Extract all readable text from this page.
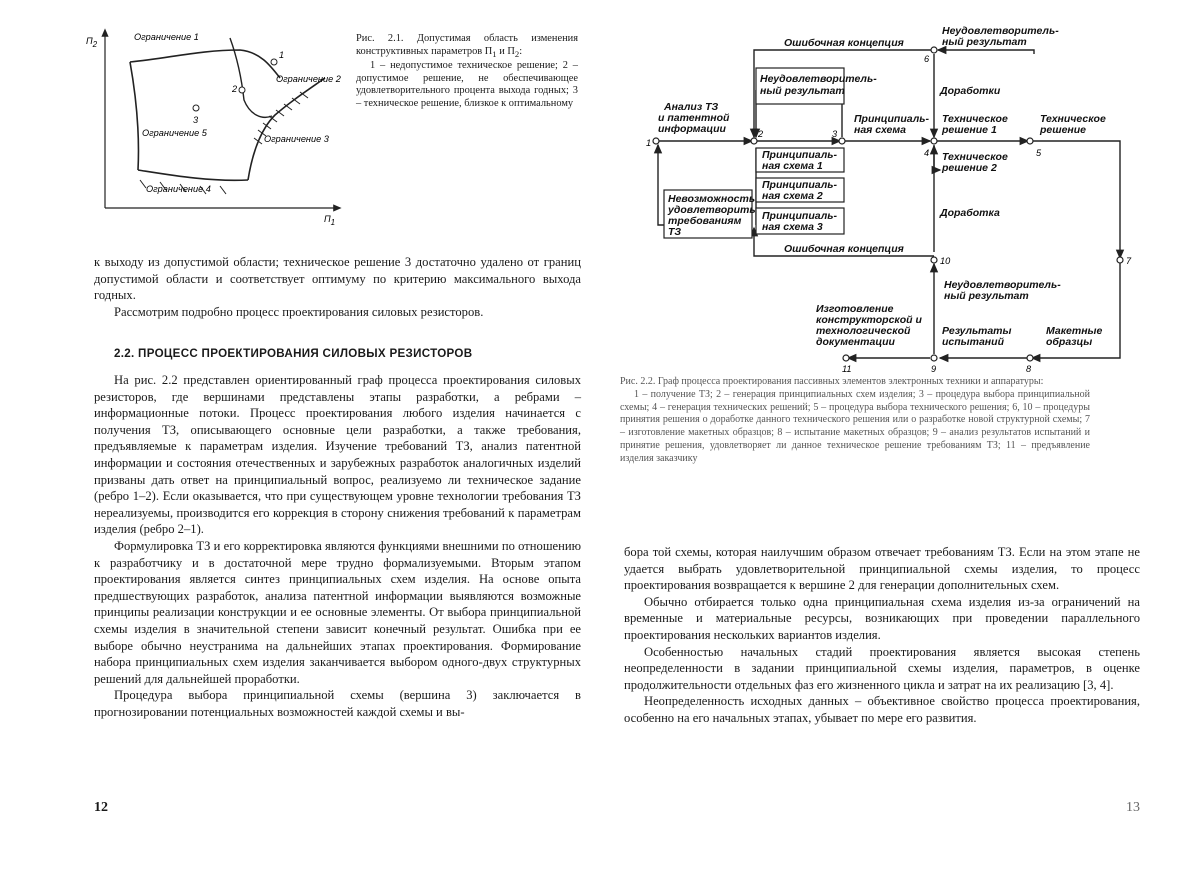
П2
П1
1
2
3
Ограничение 1
Ограничение 2
Ограничение 3
Ограничение 4
Ограничение 5

Рис. 2.1. Допустимая область изменения конструктивных параметров $П_1$ и $П_2$:

1 – недопустимое техническое решение; 2 – допустимое решение, не обеспечивающее удовлетворительного процента выхода годных; 3 – техническое решение, близкое к оптимальному

к выходу из допустимой области; техническое решение 3 достаточно удалено от границ допустимой области и соответствует оптимуму по критерию максимального выхода годных.

Рассмотрим подробно процесс проектирования силовых резисторов.

2.2. ПРОЦЕСС ПРОЕКТИРОВАНИЯ СИЛОВЫХ РЕЗИСТОРОВ

На рис. 2.2 представлен ориентированный граф процесса проектирования силовых резисторов, где вершинами представлены этапы разработки, а ребрами – информационные потоки. Процесс проектирования любого изделия начинается с получения ТЗ, описывающего основные цели разработки, а также требования, предъявляемые к параметрам изделия. Изучение требований ТЗ, анализ патентной информации и состояния отечественных и зарубежных разработок аналогичных изделий призваны дать ответ на принципиальный вопрос, реализуемо ли техническое задание (ребро 1–2). Если оказывается, что при существующем уровне технологии требования ТЗ нереализуемы, производится его коррекция в сторону снижения требований к параметрам изделия (ребро 2–1).

Формулировка ТЗ и его корректировка являются функциями внешними по отношению к разработчику и в достаточной мере трудно формализуемыми. Вторым этапом проектирования является синтез принципиальных схем изделия. На основе опыта предшествующих разработок, анализа патентной информации выявляются возможные принципы реализации конструкции и ее основные элементы. От выбора принципиальной схемы изделия в значительной степени зависит конечный результат. Ошибка при ее выборе обычно неустранима на дальнейших этапах проектирования. Формирование набора принципиальных схем изделия заканчивается выбором одного-двух структурных решений для дальнейшей проработки.

Процедура выбора принципиальной схемы (вершина 3) заключается в прогнозировании потенциальных возможностей каждой схемы и вы-

12
1
2	3
4	5
6
7
8
9
10
11
Анализ ТЗ и патентной информации
Неудовлетворитель-ный результат
Принципиаль-ная схема 1
Принципиаль-ная схема 2
Принципиаль-ная схема 3
Невозможность удовлетворить требованиям ТЗ
Принципиаль-ная схема
Техническое решение 1
Техническое решение 2
Техническое решение
Ошибочная концепция
Ошибочная концепция
Неудовлетворитель-ный результат
Неудовлетворитель-ный результат
Доработки
Доработка
Изготовление конструкторской и технологической документации
Результаты испытаний
Макетные образцы

Рис. 2.2. Граф процесса проектирования пассивных элементов электронных техники и аппаратуры:

1 – получение ТЗ; 2 – генерация принципиальных схем изделия; 3 – процедура выбора принципиальной схемы; 4 – генерация технических решений; 5 – процедура выбора технического решения; 6, 10 – процедуры принятия решения о доработке данного технического решения или о разработке новой структурной схемы; 7 – изготовление макетных образцов; 8 – испытание макетных образцов; 9 – анализ результатов испытаний и принятие решения, удовлетворяет ли данное техническое решение требованиям ТЗ; 11 – предъявление изделия заказчику

бора той схемы, которая наилучшим образом отвечает требованиям ТЗ. Если на этом этапе не удается выбрать удовлетворительной принципиальной схемы изделия, то процесс проектирования возвращается к вершине 2 для генерации дополнительных схем.

Обычно отбирается только одна принципиальная схема изделия из-за ограничений на временные и материальные ресурсы, возникающих при проведении параллельного проектирования нескольких вариантов изделия.

Особенностью начальных стадий проектирования является высокая степень неопределенности в задании принципиальной схемы изделия, параметров, в оценке продолжительности отдельных фаз его жизненного цикла и затрат на их реализацию [3, 4].

Неопределенность исходных данных – объективное свойство процесса проектирования, особенно на его начальных этапах, убывает по мере его развития.

13
